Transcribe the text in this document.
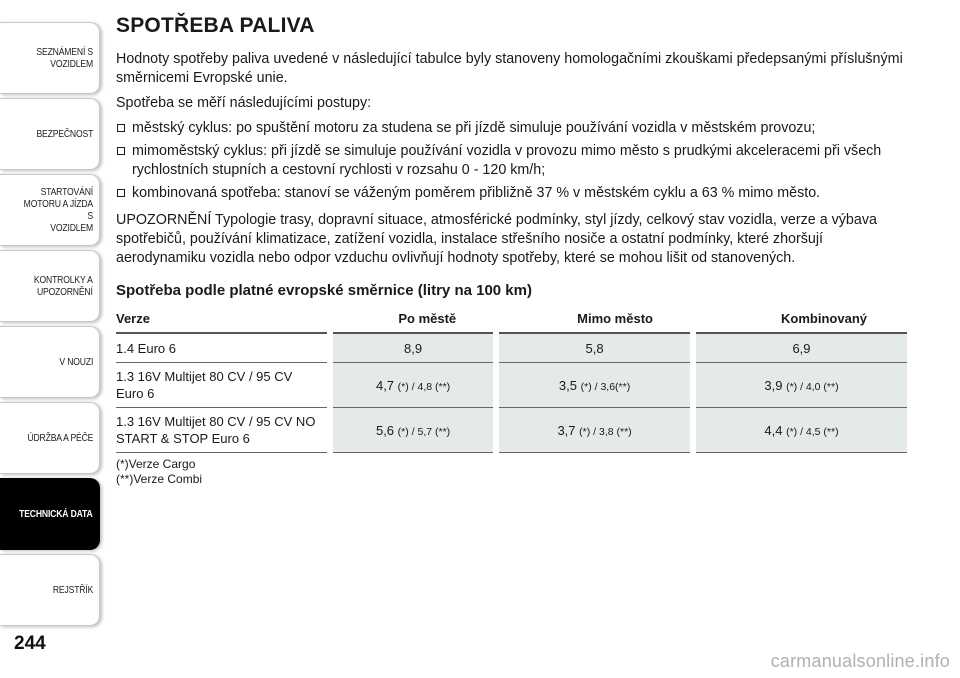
SEZNÁMENÍ S
VOZIDLEM
BEZPEČNOST
STARTOVÁNÍ
MOTORU A JÍZDA S
VOZIDLEM
KONTROLKY A
UPOZORNĚNÍ
V NOUZI
ÚDRŽBA A PÉČE
TECHNICKÁ DATA
REJSTŘÍK
244
SPOTŘEBA PALIVA

Hodnoty spotřeby paliva uvedené v následující tabulce byly stanoveny homologačními zkouškami předepsanými příslušnými směrnicemi Evropské unie.

Spotřeba se měří následujícími postupy:

městský cyklus: po spuštění motoru za studena se při jízdě simuluje používání vozidla v městském provozu;
mimoměstský cyklus: při jízdě se simuluje používání vozidla v provozu mimo město s prudkými akceleracemi při všech rychlostních stupních a cestovní rychlosti v rozsahu 0 - 120 km/h;
kombinovaná spotřeba: stanoví se váženým poměrem přibližně 37 % v městském cyklu a 63 % mimo město.

UPOZORNĚNÍ Typologie trasy, dopravní situace, atmosférické podmínky, styl jízdy, celkový stav vozidla, verze a výbava spotřebičů, používání klimatizace, zatížení vozidla, instalace střešního nosiče a ostatní podmínky, které zhoršují aerodynamiku vozidla nebo odpor vzduchu ovlivňují hodnoty spotřeby, které se mohou lišit od stanovených.

Spotřeba podle platné evropské směrnice (litry na 100 km)
Verze	Po městě	Mimo město	Kombinovaný
1.4 Euro 6	8,9	5,8	6,9
1.3 16V Multijet 80 CV / 95 CV Euro 6	4,7 (*) / 4,8 (**)	3,5 (*) / 3,6(**)	3,9 (*) / 4,0 (**)
1.3 16V Multijet 80 CV / 95 CV NO START & STOP Euro 6	5,6 (*) / 5,7 (**)	3,7 (*) / 3,8 (**)	4,4 (*) / 4,5 (**)
(*)Verze Cargo
(**)Verze Combi
carmanualsonline.info
